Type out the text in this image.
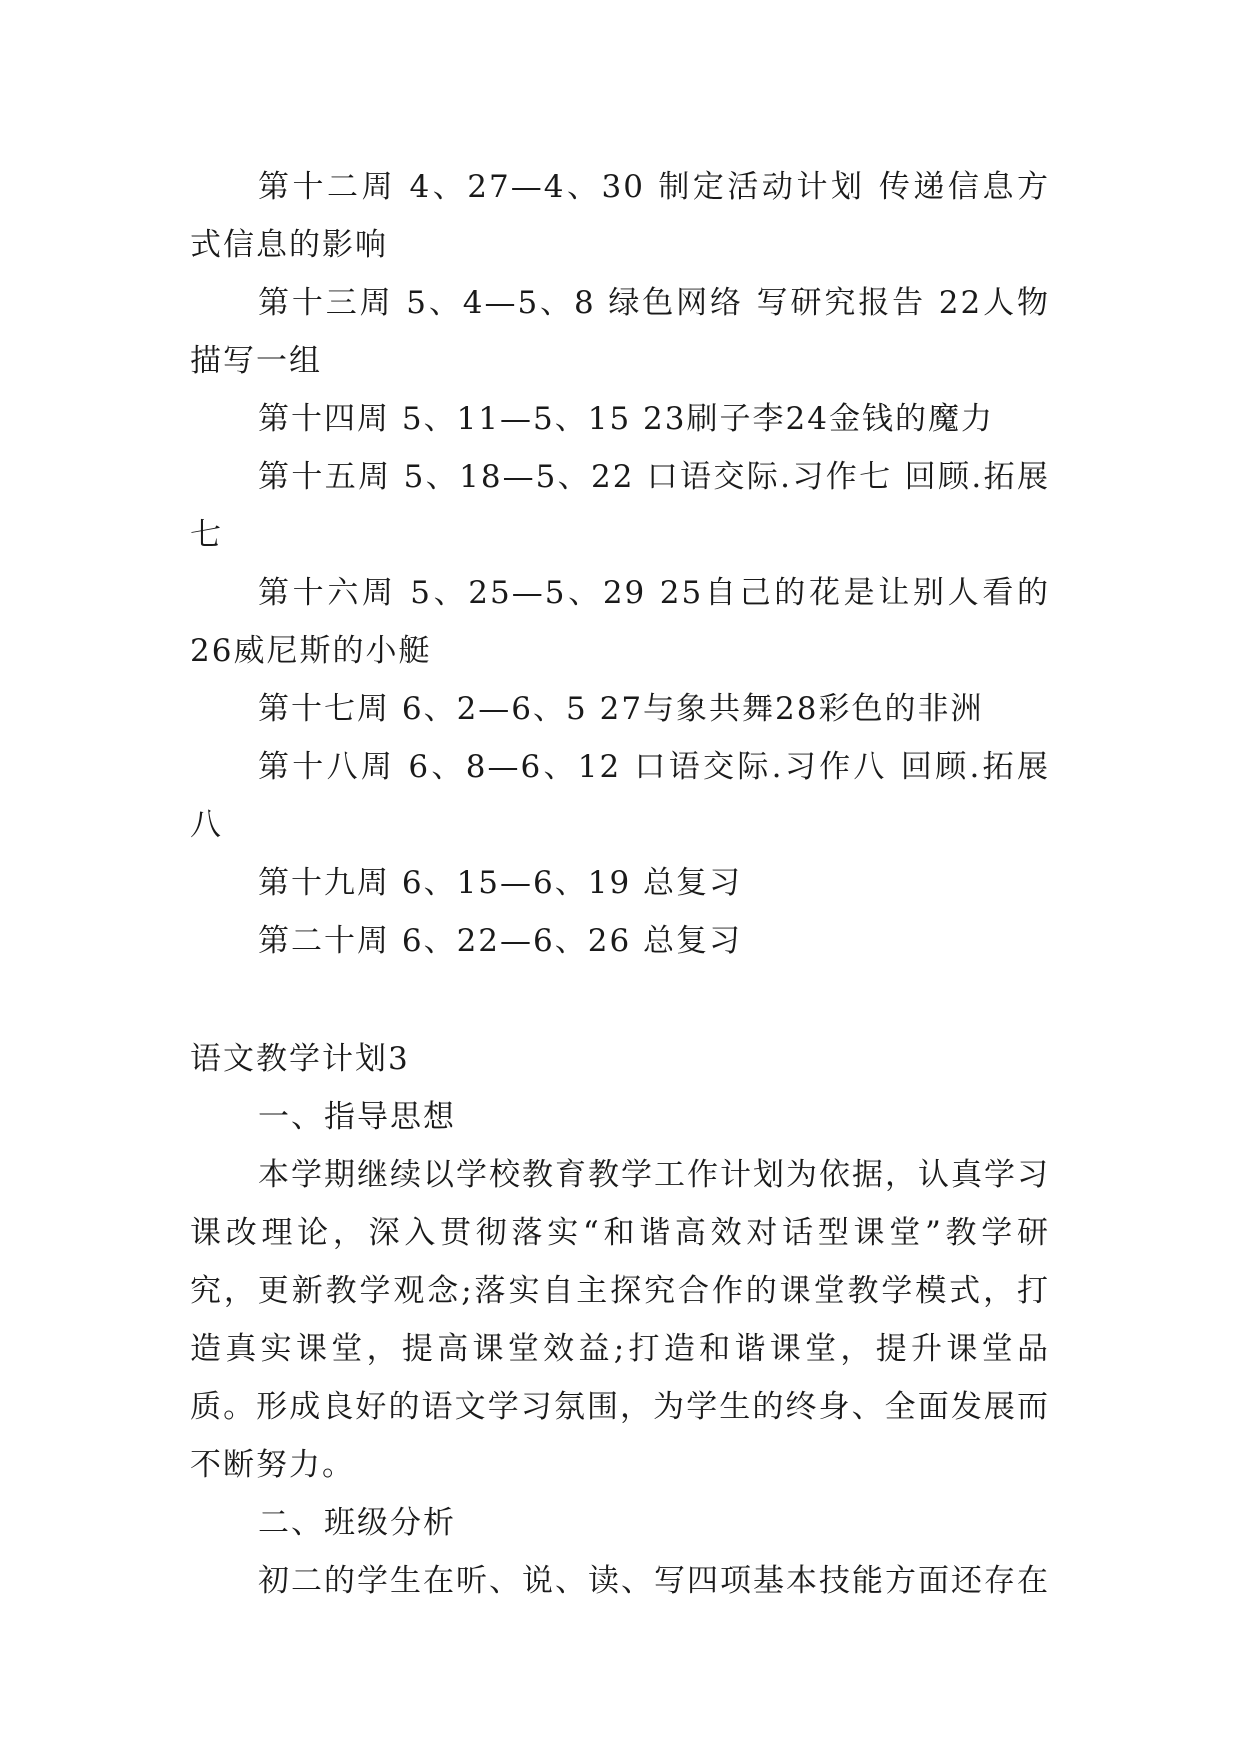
第十二周 4、27—4、30 制定活动计划 传递信息方式信息的影响

第十三周 5、4—5、8 绿色网络 写研究报告 22人物描写一组

第十四周 5、11—5、15 23刷子李24金钱的魔力

第十五周 5、18—5、22 口语交际.习作七 回顾.拓展七

第十六周 5、25—5、29 25自己的花是让别人看的 26威尼斯的小艇

第十七周 6、2—6、5 27与象共舞28彩色的非洲

第十八周 6、8—6、12 口语交际.习作八 回顾.拓展八

第十九周 6、15—6、19 总复习

第二十周 6、22—6、26 总复习

语文教学计划3

一、指导思想

本学期继续以学校教育教学工作计划为依据，认真学习课改理论，深入贯彻落实“和谐高效对话型课堂”教学研究，更新教学观念;落实自主探究合作的课堂教学模式，打造真实课堂，提高课堂效益;打造和谐课堂，提升课堂品质。形成良好的语文学习氛围，为学生的终身、全面发展而不断努力。

二、班级分析

初二的学生在听、说、读、写四项基本技能方面还存在
